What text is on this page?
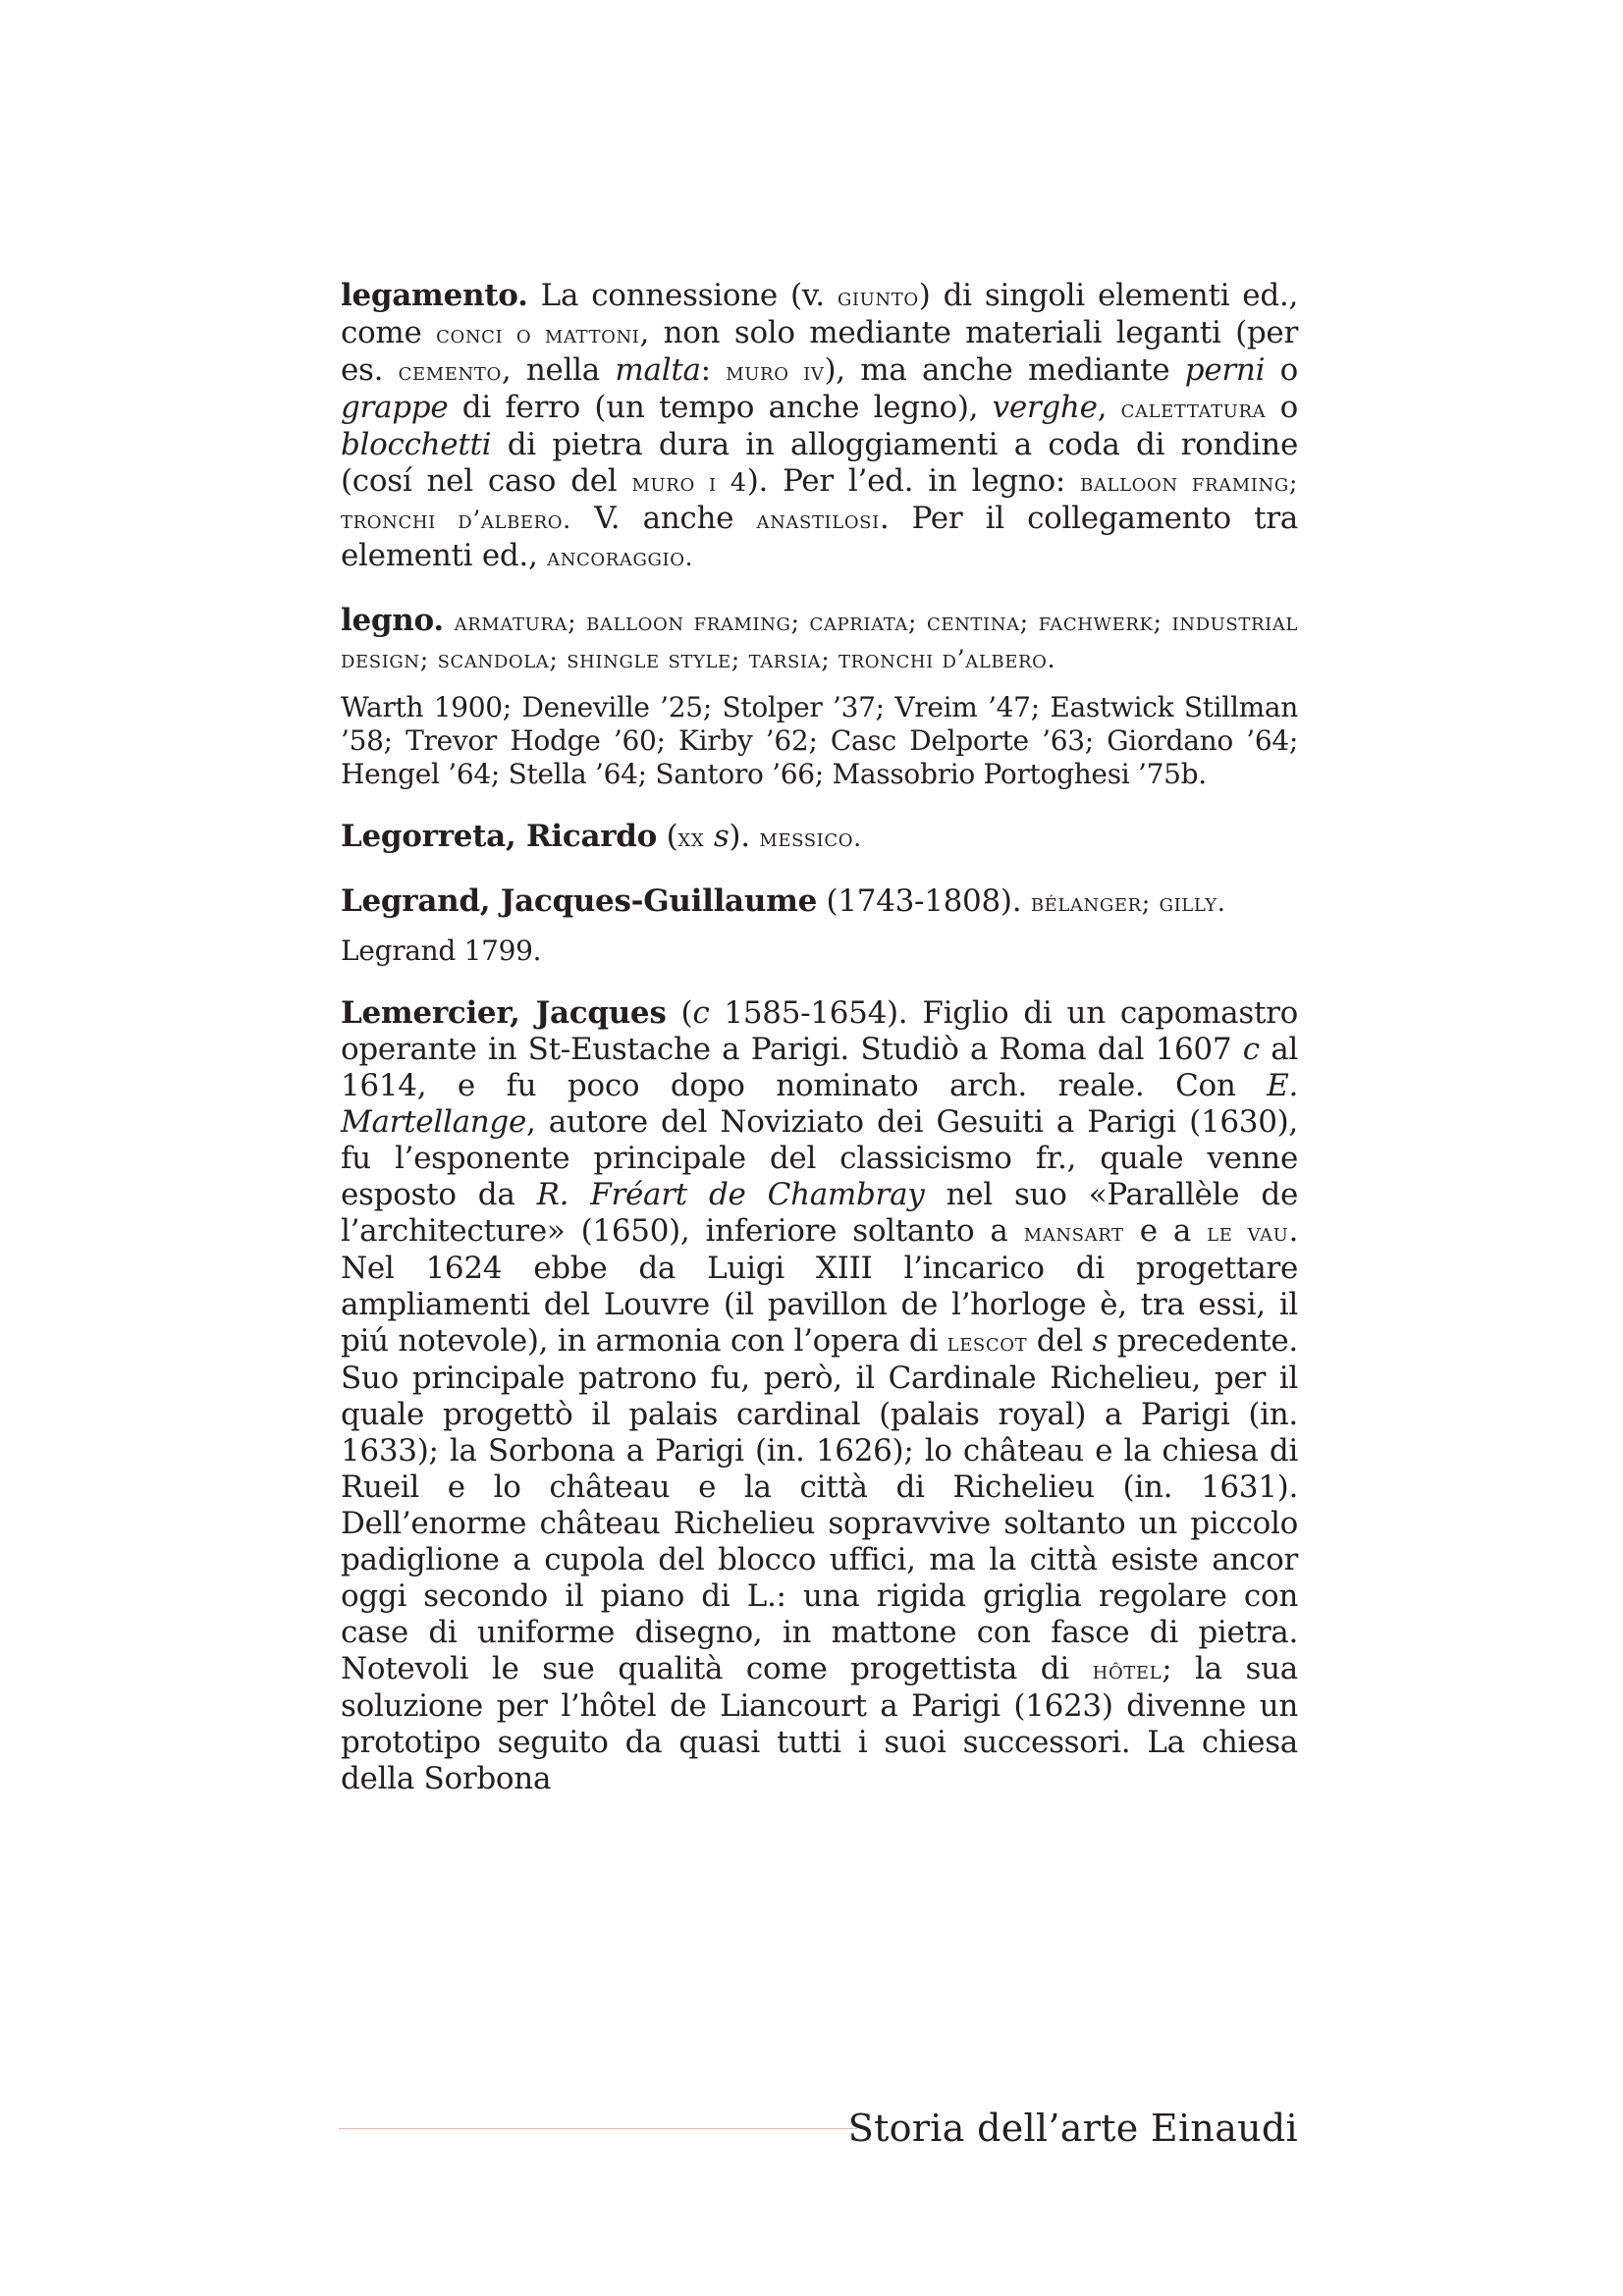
legamento. La connessione (v. giunto) di singoli elementi ed., come conci o mattoni, non solo mediante materiali leganti (per es. cemento, nella malta: muro iv), ma anche mediante perni o grappe di ferro (un tempo anche legno), verghe, calettatura o blocchetti di pietra dura in alloggiamenti a coda di rondine (cosí nel caso del muro i 4). Per l’ed. in legno: balloon framing; tronchi d’albero. V. anche anastilosi. Per il collegamento tra elementi ed., ancoraggio.

legno. armatura; balloon framing; capriata; centina; fachwerk; industrial design; scandola; shingle style; tarsia; tronchi d’albero.

Warth 1900; Deneville ’25; Stolper ’37; Vreim ’47; Eastwick Stillman ’58; Trevor Hodge ’60; Kirby ’62; Casc Delporte ’63; Giordano ’64; Hengel ’64; Stella ’64; Santoro ’66; Massobrio Portoghesi ’75b.

Legorreta, Ricardo (xx s). messico.

Legrand, Jacques-Guillaume (1743-1808). bélanger; gilly.

Legrand 1799.

Lemercier, Jacques (c 1585-1654). Figlio di un capomastro operante in St-Eustache a Parigi. Studiò a Roma dal 1607 c al 1614, e fu poco dopo nominato arch. reale. Con E. Martellange, autore del Noviziato dei Gesuiti a Parigi (1630), fu l’esponente principale del classicismo fr., quale venne esposto da R. Fréart de Chambray nel suo «Parallèle de l’architecture» (1650), inferiore soltanto a mansart e a le vau. Nel 1624 ebbe da Luigi XIII l’incarico di progettare ampliamenti del Louvre (il pavillon de l’horloge è, tra essi, il piú notevole), in armonia con l’opera di lescot del s precedente. Suo principale patrono fu, però, il Cardinale Richelieu, per il quale progettò il palais cardinal (palais royal) a Parigi (in. 1633); la Sorbona a Parigi (in. 1626); lo château e la chiesa di Rueil e lo château e la città di Richelieu (in. 1631). Dell’enorme château Richelieu sopravvive soltanto un piccolo padiglione a cupola del blocco uffici, ma la città esiste ancor oggi secondo il piano di L.: una rigida griglia regolare con case di uniforme disegno, in mattone con fasce di pietra. Notevoli le sue qualità come progettista di hôtel; la sua soluzione per l’hôtel de Liancourt a Parigi (1623) divenne un prototipo seguito da quasi tutti i suoi successori. La chiesa della Sorbona

Storia dell’arte Einaudi
